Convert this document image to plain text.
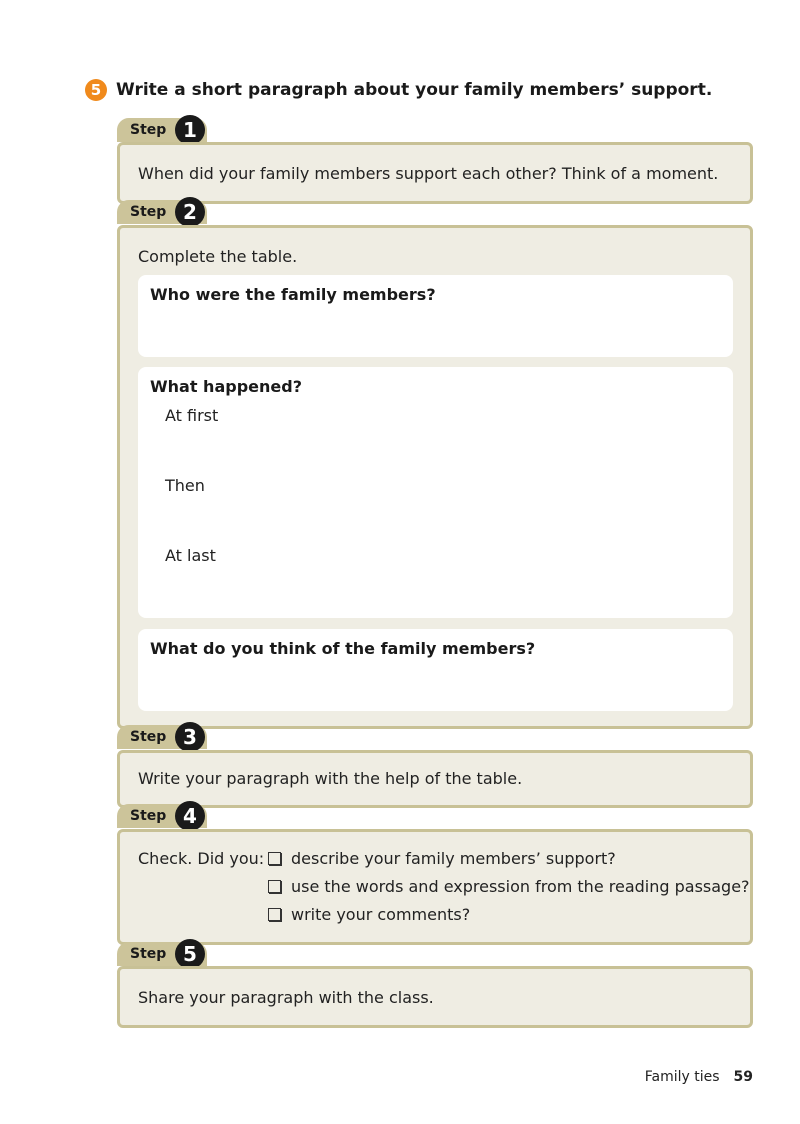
5 Write a short paragraph about your family members’ support.
Step 1
When did your family members support each other? Think of a moment.
Step 2
Complete the table.
Who were the family members?
What happened?
At first
Then
At last
What do you think of the family members?
Step 3
Write your paragraph with the help of the table.
Step 4
Check. Did you: describe your family members’ support?
use the words and expression from the reading passage?
write your comments?
Step 5
Share your paragraph with the class.
Family ties 59
